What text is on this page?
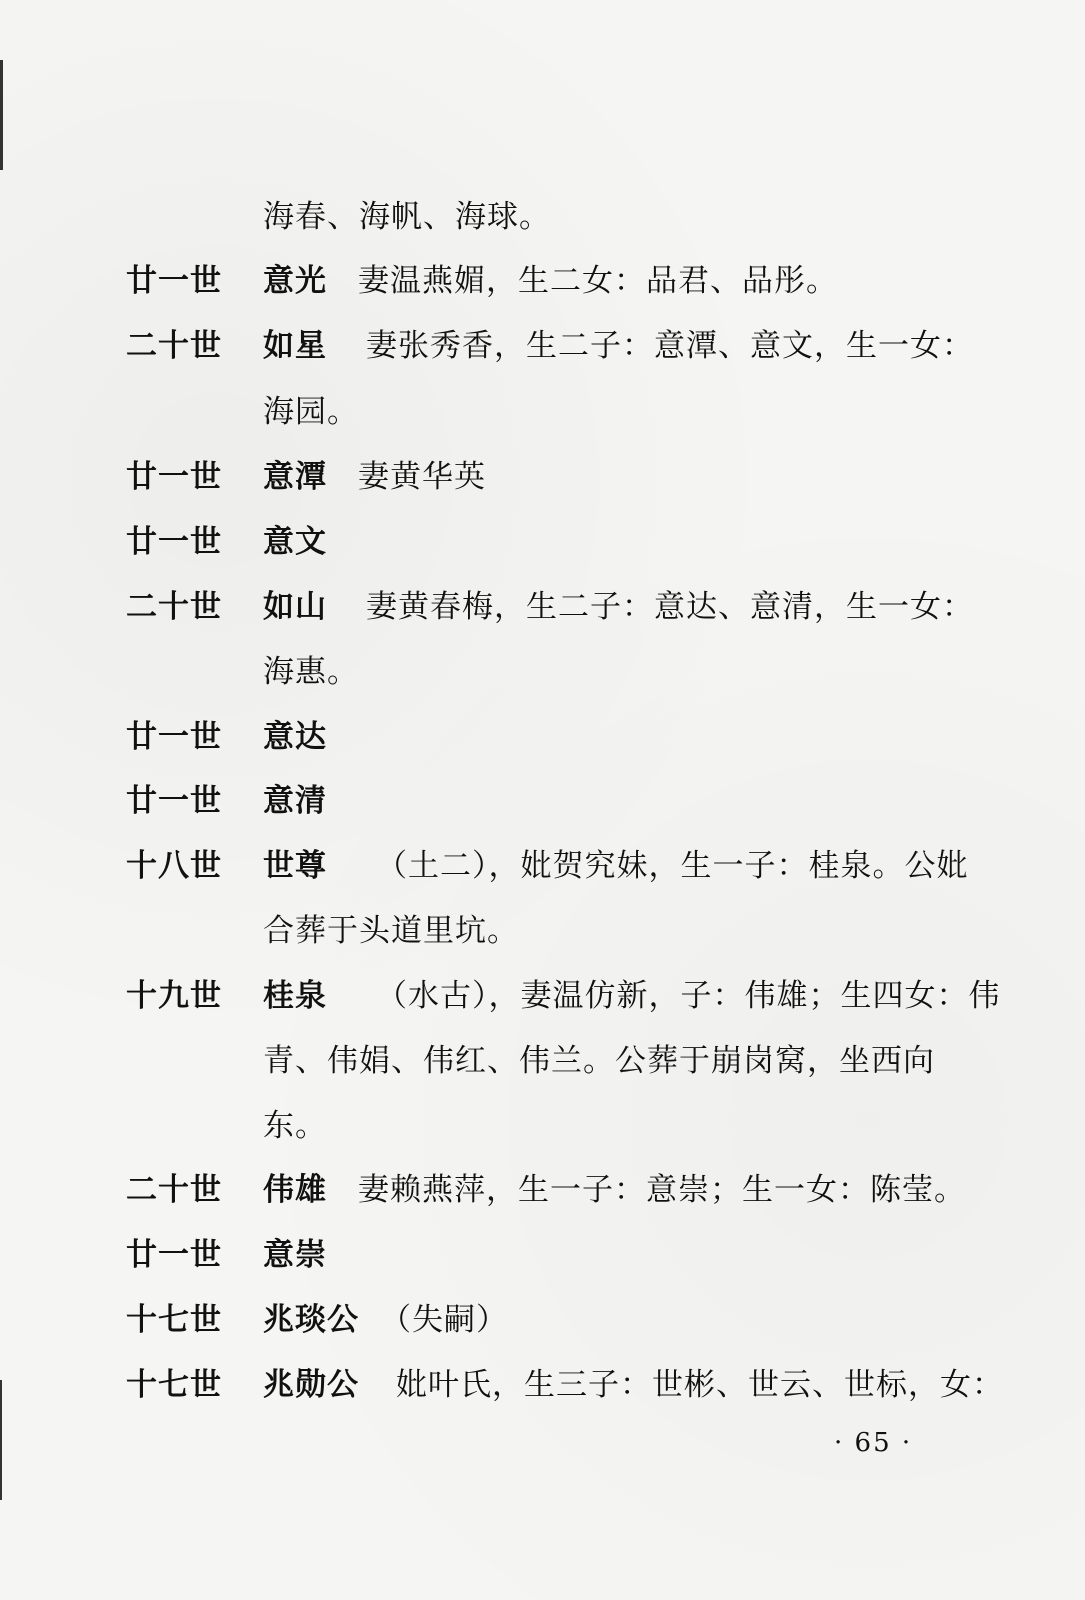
海春、海帆、海球。
廿一世 意光 妻温燕媚，生二女：品君、品彤。
二十世 如星 妻张秀香，生二子：意潭、意文，生一女：
海园。
廿一世 意潭 妻黄华英
廿一世 意文
二十世 如山 妻黄春梅，生二子：意达、意清，生一女：
海惠。
廿一世 意达
廿一世 意清
十八世 世尊 （土二），妣贺究妹，生一子：桂泉。公妣
合葬于头道里坑。
十九世 桂泉 （水古），妻温仿新，子：伟雄；生四女：伟
青、伟娟、伟红、伟兰。公葬于崩岗窝，坐西向
东。
二十世 伟雄 妻赖燕萍，生一子：意崇；生一女：陈莹。
廿一世 意崇
十七世 兆琰公 （失嗣）
十七世 兆勋公 妣叶氏，生三子：世彬、世云、世标，女：
· 65 ·
